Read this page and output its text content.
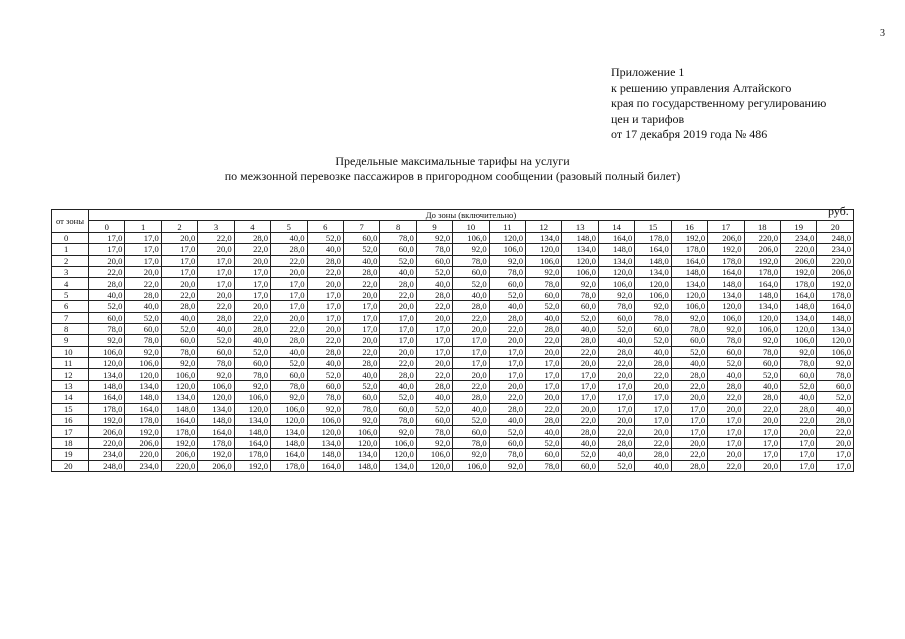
3
Приложение 1
к решению управления Алтайского
края по государственному регулированию
цен и тарифов
от 17 декабря 2019 года № 486
Предельные максимальные тарифы на услуги
по межзонной перевозке пассажиров в пригородном сообщении (разовый полный билет)
руб.
от зоны	До зоны (включительно)																				
	0	1	2	3	4	5	6	7	8	9	10	11	12	13	14	15	16	17	18	19	20
0	17,0	17,0	20,0	22,0	28,0	40,0	52,0	60,0	78,0	92,0	106,0	120,0	134,0	148,0	164,0	178,0	192,0	206,0	220,0	234,0	248,0
1	17,0	17,0	17,0	20,0	22,0	28,0	40,0	52,0	60,0	78,0	92,0	106,0	120,0	134,0	148,0	164,0	178,0	192,0	206,0	220,0	234,0
2	20,0	17,0	17,0	17,0	20,0	22,0	28,0	40,0	52,0	60,0	78,0	92,0	106,0	120,0	134,0	148,0	164,0	178,0	192,0	206,0	220,0
3	22,0	20,0	17,0	17,0	17,0	20,0	22,0	28,0	40,0	52,0	60,0	78,0	92,0	106,0	120,0	134,0	148,0	164,0	178,0	192,0	206,0
4	28,0	22,0	20,0	17,0	17,0	17,0	20,0	22,0	28,0	40,0	52,0	60,0	78,0	92,0	106,0	120,0	134,0	148,0	164,0	178,0	192,0
5	40,0	28,0	22,0	20,0	17,0	17,0	17,0	20,0	22,0	28,0	40,0	52,0	60,0	78,0	92,0	106,0	120,0	134,0	148,0	164,0	178,0
6	52,0	40,0	28,0	22,0	20,0	17,0	17,0	17,0	20,0	22,0	28,0	40,0	52,0	60,0	78,0	92,0	106,0	120,0	134,0	148,0	164,0
7	60,0	52,0	40,0	28,0	22,0	20,0	17,0	17,0	17,0	20,0	22,0	28,0	40,0	52,0	60,0	78,0	92,0	106,0	120,0	134,0	148,0
8	78,0	60,0	52,0	40,0	28,0	22,0	20,0	17,0	17,0	17,0	20,0	22,0	28,0	40,0	52,0	60,0	78,0	92,0	106,0	120,0	134,0
9	92,0	78,0	60,0	52,0	40,0	28,0	22,0	20,0	17,0	17,0	17,0	20,0	22,0	28,0	40,0	52,0	60,0	78,0	92,0	106,0	120,0
10	106,0	92,0	78,0	60,0	52,0	40,0	28,0	22,0	20,0	17,0	17,0	17,0	20,0	22,0	28,0	40,0	52,0	60,0	78,0	92,0	106,0
11	120,0	106,0	92,0	78,0	60,0	52,0	40,0	28,0	22,0	20,0	17,0	17,0	17,0	20,0	22,0	28,0	40,0	52,0	60,0	78,0	92,0
12	134,0	120,0	106,0	92,0	78,0	60,0	52,0	40,0	28,0	22,0	20,0	17,0	17,0	17,0	20,0	22,0	28,0	40,0	52,0	60,0	78,0
13	148,0	134,0	120,0	106,0	92,0	78,0	60,0	52,0	40,0	28,0	22,0	20,0	17,0	17,0	17,0	20,0	22,0	28,0	40,0	52,0	60,0
14	164,0	148,0	134,0	120,0	106,0	92,0	78,0	60,0	52,0	40,0	28,0	22,0	20,0	17,0	17,0	17,0	20,0	22,0	28,0	40,0	52,0
15	178,0	164,0	148,0	134,0	120,0	106,0	92,0	78,0	60,0	52,0	40,0	28,0	22,0	20,0	17,0	17,0	17,0	20,0	22,0	28,0	40,0
16	192,0	178,0	164,0	148,0	134,0	120,0	106,0	92,0	78,0	60,0	52,0	40,0	28,0	22,0	20,0	17,0	17,0	17,0	20,0	22,0	28,0
17	206,0	192,0	178,0	164,0	148,0	134,0	120,0	106,0	92,0	78,0	60,0	52,0	40,0	28,0	22,0	20,0	17,0	17,0	17,0	20,0	22,0
18	220,0	206,0	192,0	178,0	164,0	148,0	134,0	120,0	106,0	92,0	78,0	60,0	52,0	40,0	28,0	22,0	20,0	17,0	17,0	17,0	20,0
19	234,0	220,0	206,0	192,0	178,0	164,0	148,0	134,0	120,0	106,0	92,0	78,0	60,0	52,0	40,0	28,0	22,0	20,0	17,0	17,0	17,0
20	248,0	234,0	220,0	206,0	192,0	178,0	164,0	148,0	134,0	120,0	106,0	92,0	78,0	60,0	52,0	40,0	28,0	22,0	20,0	17,0	17,0
